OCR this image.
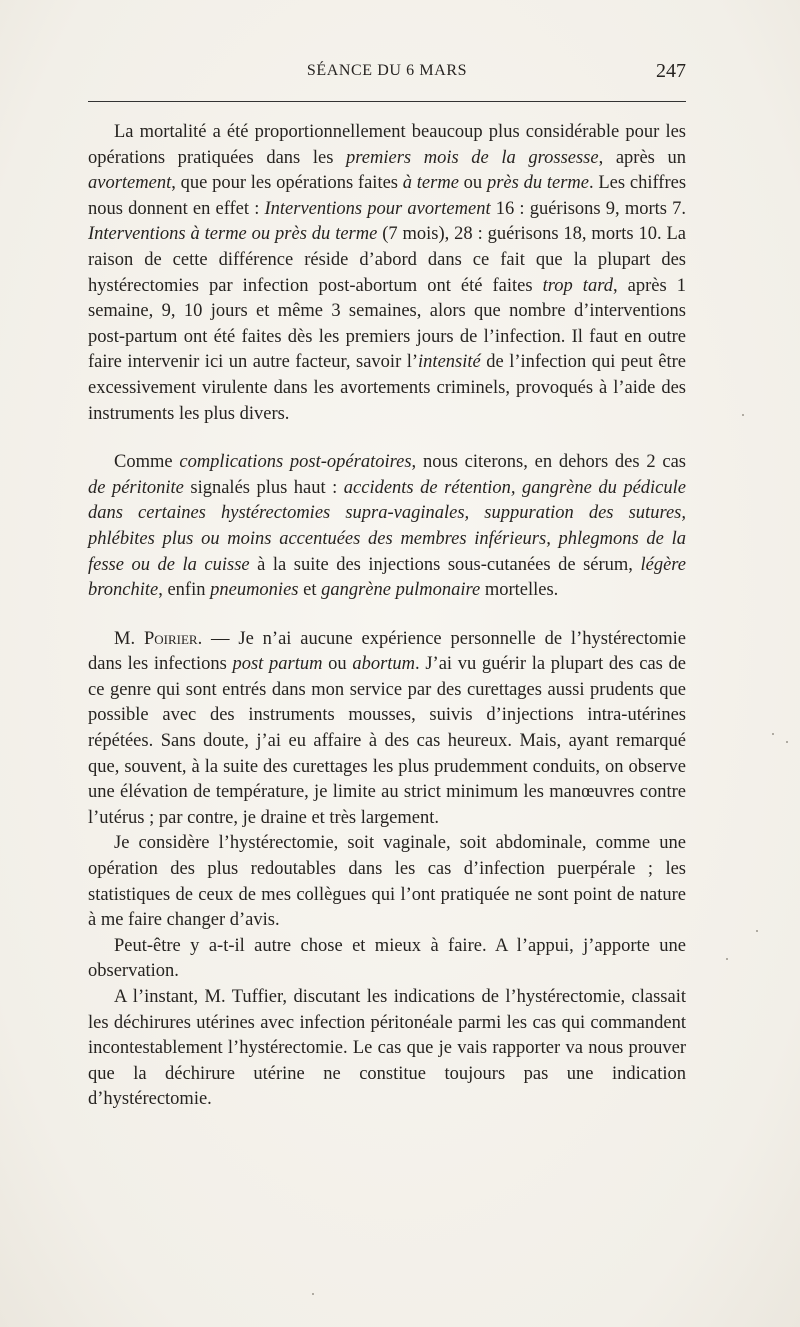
SÉANCE DU 6 MARS	247

La mortalité a été proportionnellement beaucoup plus considérable pour les opérations pratiquées dans les premiers mois de la grossesse, après un avortement, que pour les opérations faites à terme ou près du terme. Les chiffres nous donnent en effet : Interventions pour avortement 16 : guérisons 9, morts 7. Interventions à terme ou près du terme (7 mois), 28 : guérisons 18, morts 10. La raison de cette différence réside d’abord dans ce fait que la plupart des hystérectomies par infection post-abortum ont été faites trop tard, après 1 semaine, 9, 10 jours et même 3 semaines, alors que nombre d’interventions post-partum ont été faites dès les premiers jours de l’infection. Il faut en outre faire intervenir ici un autre facteur, savoir l’intensité de l’infection qui peut être excessivement virulente dans les avortements criminels, provoqués à l’aide des instruments les plus divers.

Comme complications post-opératoires, nous citerons, en dehors des 2 cas de péritonite signalés plus haut : accidents de rétention, gangrène du pédicule dans certaines hystérectomies supra-vaginales, suppuration des sutures, phlébites plus ou moins accentuées des membres inférieurs, phlegmons de la fesse ou de la cuisse à la suite des injections sous-cutanées de sérum, légère bronchite, enfin pneumonies et gangrène pulmonaire mortelles.

M. Poirier. — Je n’ai aucune expérience personnelle de l’hystérectomie dans les infections post partum ou abortum. J’ai vu guérir la plupart des cas de ce genre qui sont entrés dans mon service par des curettages aussi prudents que possible avec des instruments mousses, suivis d’injections intra-utérines répétées. Sans doute, j’ai eu affaire à des cas heureux. Mais, ayant remarqué que, souvent, à la suite des curettages les plus prudemment conduits, on observe une élévation de température, je limite au strict minimum les manœuvres contre l’utérus ; par contre, je draine et très largement.

Je considère l’hystérectomie, soit vaginale, soit abdominale, comme une opération des plus redoutables dans les cas d’infection puerpérale ; les statistiques de ceux de mes collègues qui l’ont pratiquée ne sont point de nature à me faire changer d’avis.

Peut-être y a-t-il autre chose et mieux à faire. A l’appui, j’apporte une observation.

A l’instant, M. Tuffier, discutant les indications de l’hystérectomie, classait les déchirures utérines avec infection péritonéale parmi les cas qui commandent incontestablement l’hystérectomie. Le cas que je vais rapporter va nous prouver que la déchirure utérine ne constitue toujours pas une indication d’hystérectomie.
